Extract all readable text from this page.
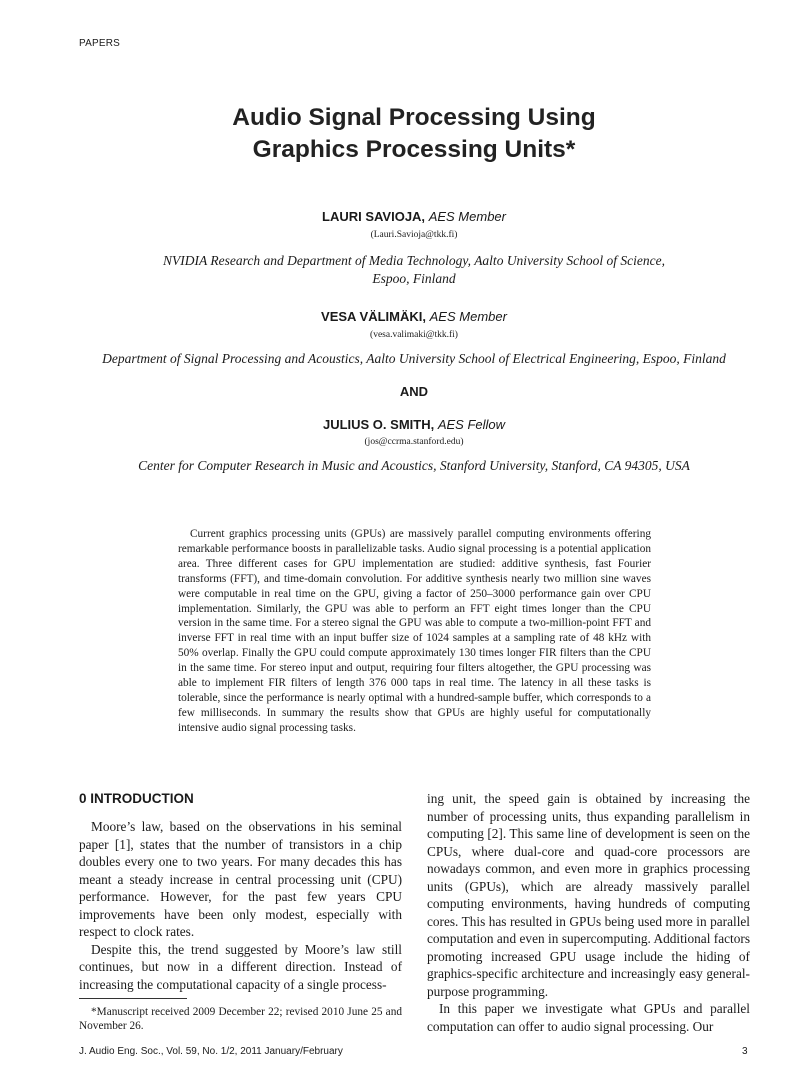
PAPERS
Audio Signal Processing Using
Graphics Processing Units*
LAURI SAVIOJA, AES Member
(Lauri.Savioja@tkk.fi)
NVIDIA Research and Department of Media Technology, Aalto University School of Science,
Espoo, Finland
VESA VÄLIMÄKI, AES Member
(vesa.valimaki@tkk.fi)
Department of Signal Processing and Acoustics, Aalto University School of Electrical Engineering, Espoo, Finland
AND
JULIUS O. SMITH, AES Fellow
(jos@ccrma.stanford.edu)
Center for Computer Research in Music and Acoustics, Stanford University, Stanford, CA 94305, USA
Current graphics processing units (GPUs) are massively parallel computing environments offering remarkable performance boosts in parallelizable tasks. Audio signal processing is a potential application area. Three different cases for GPU implementation are studied: additive synthesis, fast Fourier transforms (FFT), and time-domain convolution. For additive synthesis nearly two million sine waves were computable in real time on the GPU, giving a factor of 250–3000 performance gain over CPU implementation. Similarly, the GPU was able to perform an FFT eight times longer than the CPU version in the same time. For a stereo signal the GPU was able to compute a two-million-point FFT and inverse FFT in real time with an input buffer size of 1024 samples at a sampling rate of 48 kHz with 50% overlap. Finally the GPU could compute approximately 130 times longer FIR filters than the CPU in the same time. For stereo input and output, requiring four filters altogether, the GPU processing was able to implement FIR filters of length 376 000 taps in real time. The latency in all these tasks is tolerable, since the performance is nearly optimal with a hundred-sample buffer, which corresponds to a few milliseconds. In summary the results show that GPUs are highly useful for computationally intensive audio signal processing tasks.
0 INTRODUCTION

Moore’s law, based on the observations in his seminal paper [1], states that the number of transistors in a chip doubles every one to two years. For many decades this has meant a steady increase in central processing unit (CPU) performance. However, for the past few years CPU improvements have been only modest, especially with respect to clock rates.

Despite this, the trend suggested by Moore’s law still continues, but now in a different direction. Instead of increasing the computational capacity of a single process-

ing unit, the speed gain is obtained by increasing the number of processing units, thus expanding parallelism in computing [2]. This same line of development is seen on the CPUs, where dual-core and quad-core processors are nowadays common, and even more in graphics processing units (GPUs), which are already massively parallel computing environments, having hundreds of computing cores. This has resulted in GPUs being used more in parallel computation and even in supercomputing. Additional factors promoting increased GPU usage include the hiding of graphics-specific architecture and increasingly easy general-purpose programming.

In this paper we investigate what GPUs and parallel computation can offer to audio signal processing. Our

*Manuscript received 2009 December 22; revised 2010 June 25 and November 26.
J. Audio Eng. Soc., Vol. 59, No. 1/2, 2011 January/February	3
